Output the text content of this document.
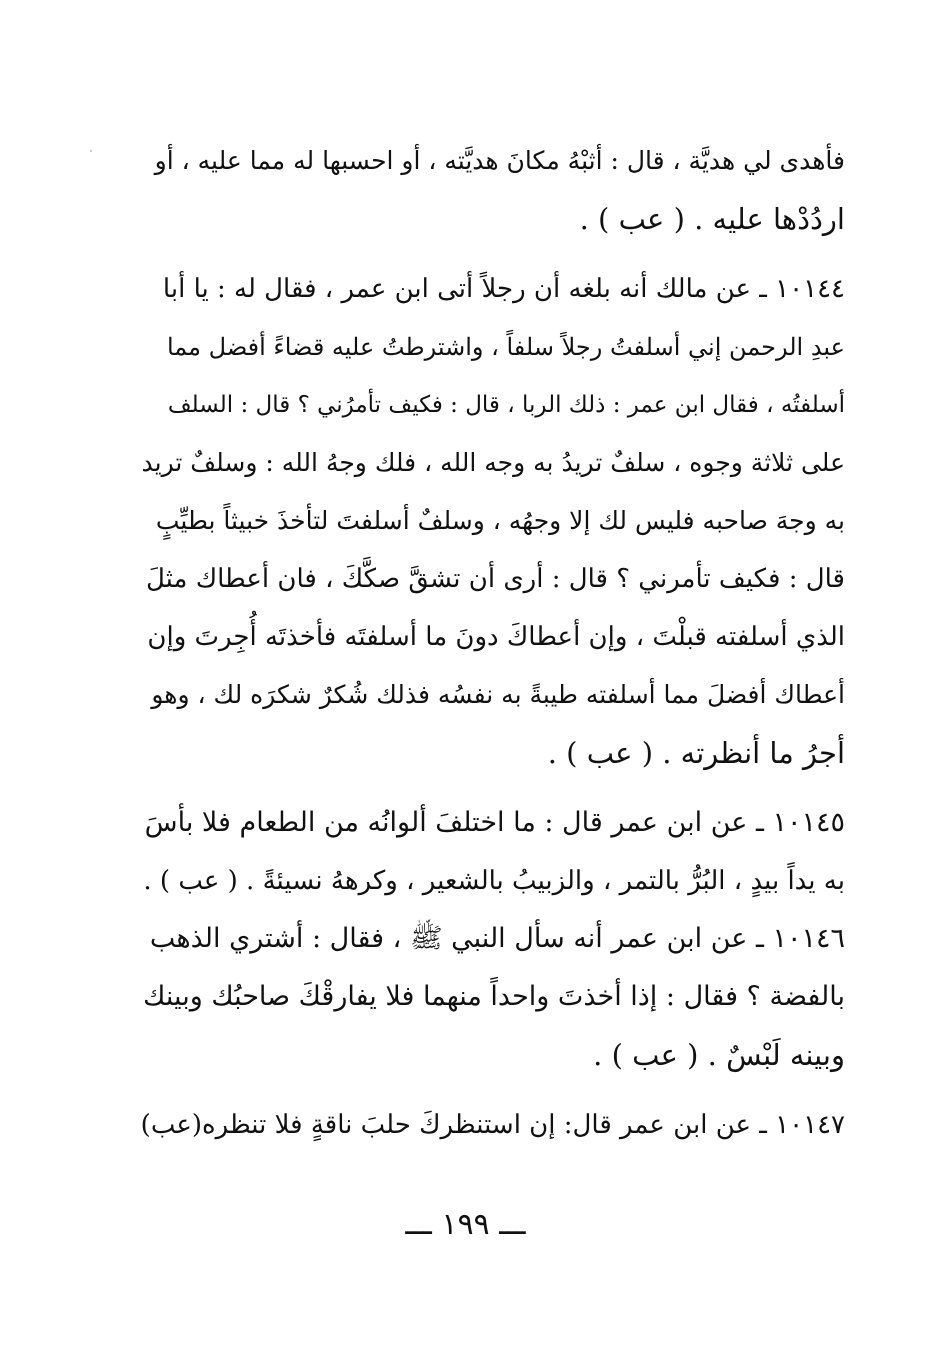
فأهدى لي هديَّة ، قال : أثبْهُ مكانَ هديَّته ، أو احسبها له مما عليه ، أو
اردُدْها عليه . ( عب ) .
١٠١٤٤ ـ عن مالك أنه بلغه أن رجلاً أتى ابن عمر ، فقال له : يا أبا
عبدِ الرحمن إني أسلفتُ رجلاً سلفاً ، واشترطتُ عليه قضاءً أفضل مما
أسلفتُه ، فقال ابن عمر : ذلك الربا ، قال : فكيف تأمرُني ؟ قال : السلف
على ثلاثة وجوه ، سلفٌ تريدُ به وجه الله ، فلك وجهُ الله : وسلفٌ تريد
به وجهَ صاحبه فليس لك إلا وجهُه ، وسلفٌ أسلفتَ لتأخذَ خبيثاً بطيِّبٍ
قال : فكيف تأمرني ؟ قال : أرى أن تشقَّ صكَّكَ ، فان أعطاك مثلَ
الذي أسلفته قبلْتَ ، وإن أعطاكَ دونَ ما أسلفتَه فأخذتَه أُجِرتَ وإن
أعطاك أفضلَ مما أسلفته طيبةً به نفسُه فذلك شُكرٌ شكرَه لك ، وهو
أجرُ ما أنظرته . ( عب ) .
١٠١٤٥ ـ عن ابن عمر قال : ما اختلفَ ألوانُه من الطعام فلا بأسَ
به يداً بيدٍ ، البُرُّ بالتمر ، والزبيبُ بالشعير ، وكرههُ نسيئةً . ( عب ) .
١٠١٤٦ ـ عن ابن عمر أنه سأل النبي ﷺ ، فقال : أشتري الذهب
بالفضة ؟ فقال : إذا أخذتَ واحداً منهما فلا يفارقْكَ صاحبُك وبينك
وبينه لَبْسٌ . ( عب ) .
١٠١٤٧ ـ عن ابن عمر قال: إن استنظركَ حلبَ ناقةٍ فلا تنظره(عب)
ـــ ١٩٩ ـــ
